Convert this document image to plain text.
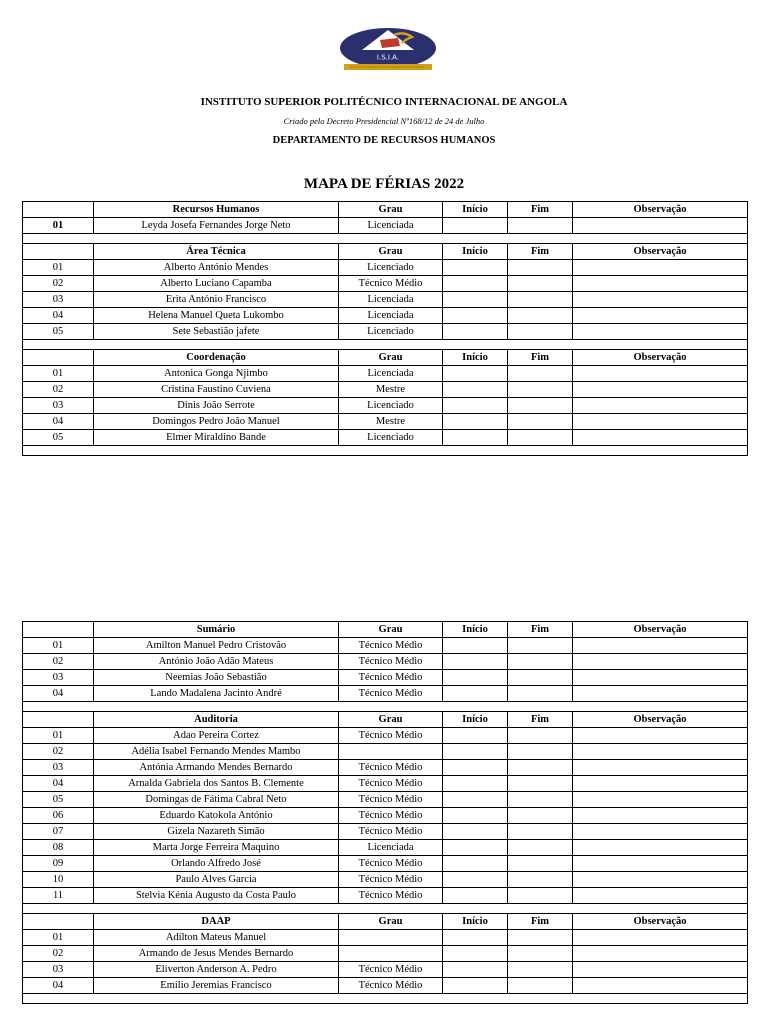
I.S.I.A.
INSTITUTO SUPERIOR POLITÉCNICO INTERNACIONAL DE ANGOLA
Criado pelo Decreto Presidencial Nº168/12 de 24 de Julho
DEPARTAMENTO DE RECURSOS HUMANOS
MAPA DE FÉRIAS 2022
	Recursos Humanos	Grau	Início	Fim	Observação
01	Leyda Josefa Fernandes Jorge Neto	Licenciada			

	Área Técnica	Grau	Início	Fim	Observação
01	Alberto António Mendes	Licenciado			
02	Alberto Luciano Capamba	Técnico Médio			
03	Erita António Francisco	Licenciada			
04	Helena Manuel Queta Lukombo	Licenciada			
05	Sete Sebastião jafete	Licenciado			

	Coordenação	Grau	Início	Fim	Observação
01	Antonica Gonga Njimbo	Licenciada			
02	Cristina Faustino Cuviena	Mestre			
03	Dinis João Serrote	Licenciado			
04	Domingos Pedro João Manuel	Mestre			
05	Elmer Miraldino Bande	Licenciado			

	Sumário	Grau	Início	Fim	Observação
01	Amilton Manuel Pedro Cristovão	Técnico Médio			
02	António João Adão Mateus	Técnico Médio			
03	Neemias João Sebastião	Técnico Médio			
04	Lando Madalena Jacinto André	Técnico Médio			

	Auditoria	Grau	Início	Fim	Observação
01	Adao Pereira Cortez	Técnico Médio			
02	Adélia Isabel Fernando Mendes Mambo				
03	Antónia Armando Mendes Bernardo	Técnico Médio			
04	Arnalda Gabriela dos Santos B. Clemente	Técnico Médio			
05	Domingas de Fátima Cabral Neto	Técnico Médio			
06	Eduardo Katokola António	Técnico Médio			
07	Gizela Nazareth Simão	Técnico Médio			
08	Marta Jorge Ferreira Maquino	Licenciada			
09	Orlando Alfredo José	Técnico Médio			
10	Paulo Alves Garcia	Técnico Médio			
11	Stelvia Kénia Augusto da Costa Paulo	Técnico Médio			

	DAAP	Grau	Início	Fim	Observação
01	Adílton Mateus Manuel				
02	Armando de Jesus Mendes Bernardo				
03	Eliverton Anderson A. Pedro	Técnico Médio			
04	Emílio Jeremias Francisco	Técnico Médio			
